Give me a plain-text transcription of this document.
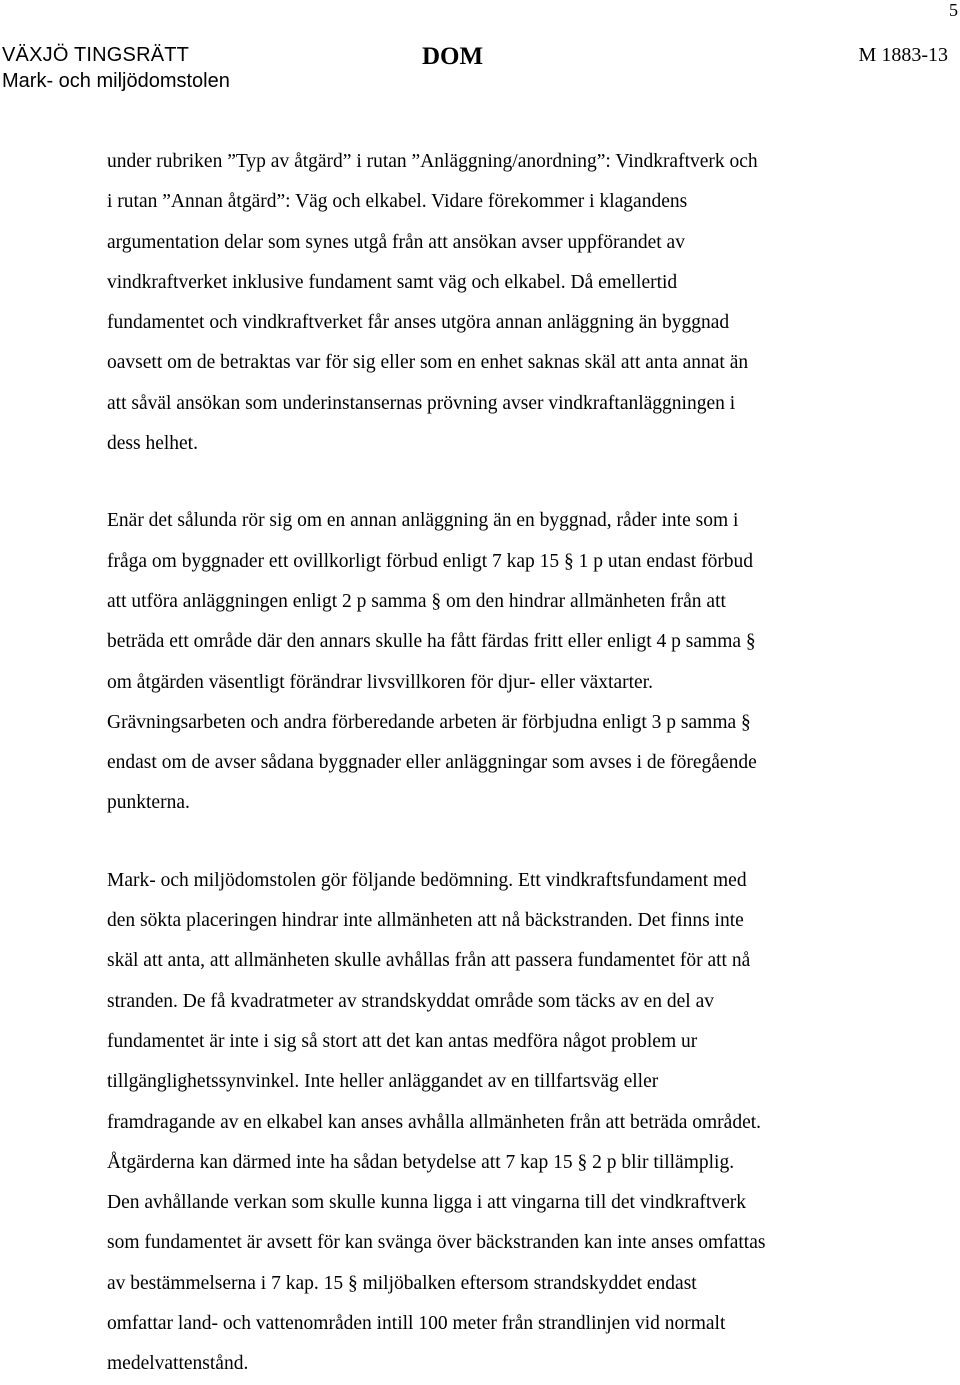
5
VÄXJÖ TINGSRÄTT
Mark- och miljödomstolen
DOM	M 1883-13

under rubriken ”Typ av åtgärd” i rutan ”Anläggning/anordning”: Vindkraftverk och
i rutan ”Annan åtgärd”: Väg och elkabel. Vidare förekommer i klagandens
argumentation delar som synes utgå från att ansökan avser uppförandet av
vindkraftverket inklusive fundament samt väg och elkabel. Då emellertid
fundamentet och vindkraftverket får anses utgöra annan anläggning än byggnad
oavsett om de betraktas var för sig eller som en enhet saknas skäl att anta annat än
att såväl ansökan som underinstansernas prövning avser vindkraftanläggningen i
dess helhet.

Enär det sålunda rör sig om en annan anläggning än en byggnad, råder inte som i
fråga om byggnader ett ovillkorligt förbud enligt 7 kap 15 § 1 p utan endast förbud
att utföra anläggningen enligt 2 p samma § om den hindrar allmänheten från att
beträda ett område där den annars skulle ha fått färdas fritt eller enligt 4 p samma §
om åtgärden väsentligt förändrar livsvillkoren för djur- eller växtarter.
Grävningsarbeten och andra förberedande arbeten är förbjudna enligt 3 p samma §
endast om de avser sådana byggnader eller anläggningar som avses i de föregående
punkterna.

Mark- och miljödomstolen gör följande bedömning. Ett vindkraftsfundament med
den sökta placeringen hindrar inte allmänheten att nå bäckstranden. Det finns inte
skäl att anta, att allmänheten skulle avhållas från att passera fundamentet för att nå
stranden. De få kvadratmeter av strandskyddat område som täcks av en del av
fundamentet är inte i sig så stort att det kan antas medföra något problem ur
tillgänglighetssynvinkel. Inte heller anläggandet av en tillfartsväg eller
framdragande av en elkabel kan anses avhålla allmänheten från att beträda området.
Åtgärderna kan därmed inte ha sådan betydelse att 7 kap 15 § 2 p blir tillämplig.
Den avhållande verkan som skulle kunna ligga i att vingarna till det vindkraftverk
som fundamentet är avsett för kan svänga över bäckstranden kan inte anses omfattas
av bestämmelserna i 7 kap. 15 § miljöbalken eftersom strandskyddet endast
omfattar land- och vattenområden intill 100 meter från strandlinjen vid normalt
medelvattenstånd.
